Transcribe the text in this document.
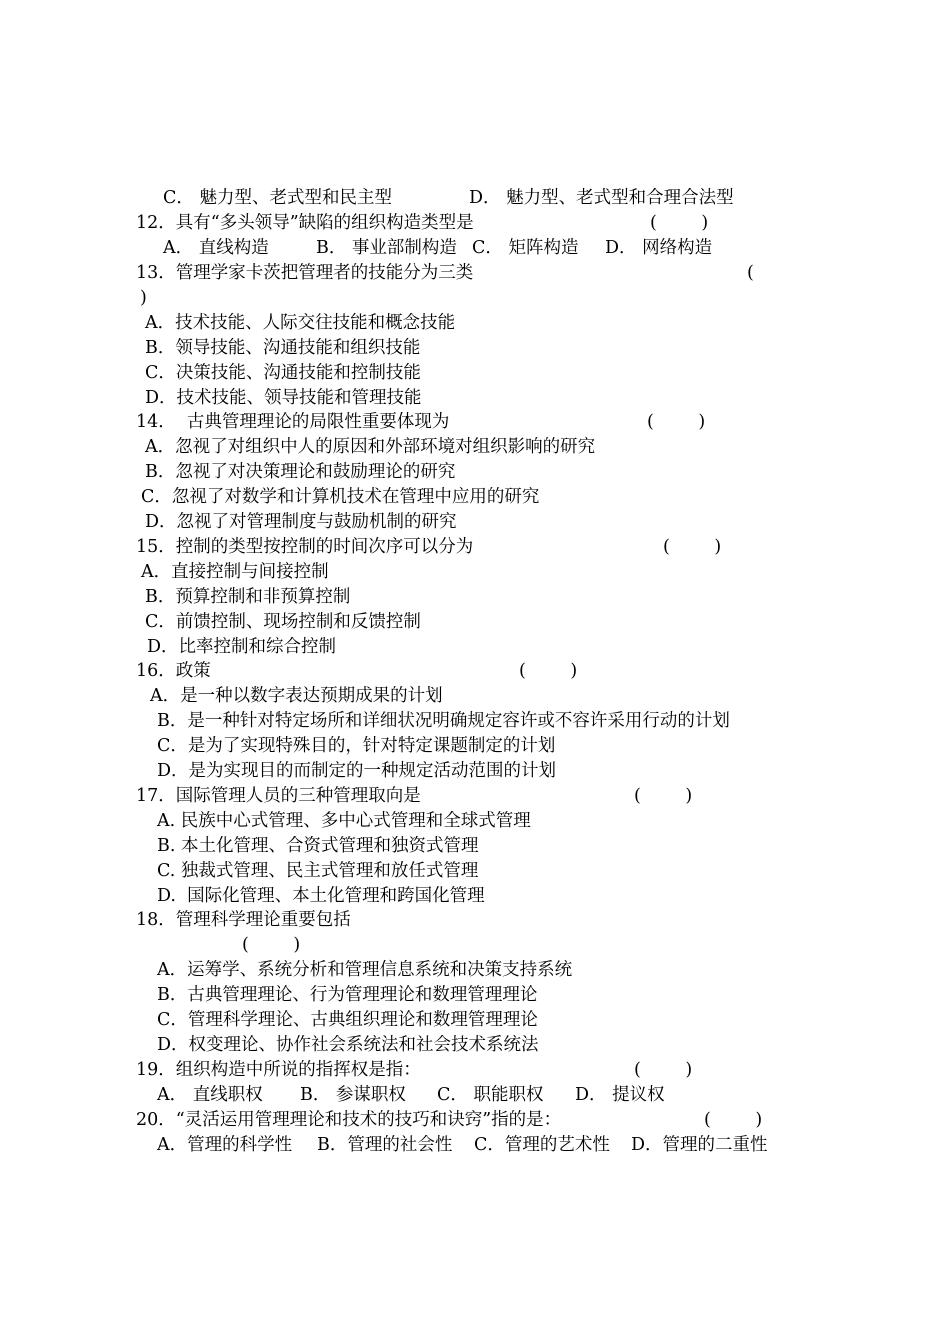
C． 魅力型、老式型和民主型	D． 魅力型、老式型和合理合法型
12．具有“多头领导”缺陷的组织构造类型是	(        )
A． 直线构造	B． 事业部制构造 C． 矩阵构造 D． 网络构造
13．管理学家卡茨把管理者的技能分为三类	(
)
A．技术技能、人际交往技能和概念技能
B．领导技能、沟通技能和组织技能
C．决策技能、沟通技能和控制技能
D．技术技能、领导技能和管理技能
14．  古典管理理论的局限性重要体现为	(        )
A．忽视了对组织中人的原因和外部环境对组织影响的研究
B．忽视了对决策理论和鼓励理论的研究
C．忽视了对数学和计算机技术在管理中应用的研究
D．忽视了对管理制度与鼓励机制的研究
15．控制的类型按控制的时间次序可以分为	(        )
A．直接控制与间接控制
B．预算控制和非预算控制
C．前馈控制、现场控制和反馈控制
D．比率控制和综合控制
16．政策	(        )
A．是一种以数字表达预期成果的计划
B．是一种针对特定场所和详细状况明确规定容许或不容许采用行动的计划
C．是为了实现特殊目的，针对特定课题制定的计划
D．是为实现目的而制定的一种规定活动范围的计划
17．国际管理人员的三种管理取向是	(        )
A. 民族中心式管理、多中心式管理和全球式管理
B. 本土化管理、合资式管理和独资式管理
C. 独裁式管理、民主式管理和放任式管理
D.  国际化管理、本土化管理和跨国化管理
18．管理科学理论重要包括
(        )
A．运筹学、系统分析和管理信息系统和决策支持系统
B．古典管理理论、行为管理理论和数理管理理论
C．管理科学理论、古典组织理论和数理管理理论
D．权变理论、协作社会系统法和社会技术系统法
19．组织构造中所说的指挥权是指：	(        )
A． 直线职权 B． 参谋职权 C． 职能职权 D． 提议权
20．“灵活运用管理理论和技术的技巧和诀窍”指的是：	(        )
A．管理的科学性 B．管理的社会性 C．管理的艺术性 D．管理的二重性
